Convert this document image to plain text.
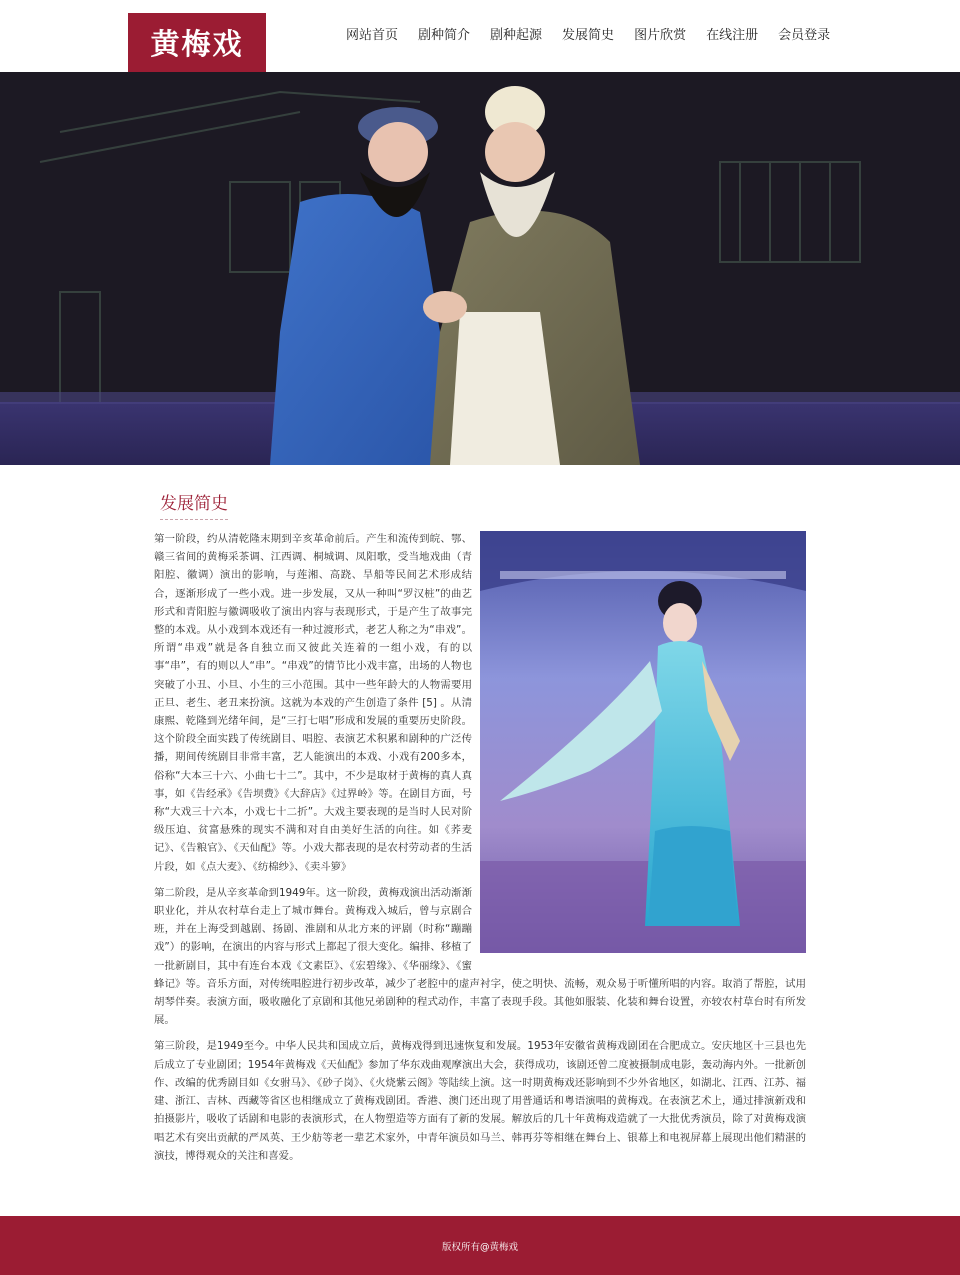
黄梅戏	网站首页 剧种简介 剧种起源 发展简史 图片欣赏 在线注册 会员登录
发展简史

第一阶段，约从清乾隆末期到辛亥革命前后。产生和流传到皖、鄂、赣三省间的黄梅采茶调、江西调、桐城调、凤阳歌，受当地戏曲（青阳腔、徽调）演出的影响，与莲湘、高跷、旱船等民间艺术形成结合，逐渐形成了一些小戏。进一步发展，又从一种叫“罗汉桩”的曲艺形式和青阳腔与徽调吸收了演出内容与表现形式，于是产生了故事完整的本戏。从小戏到本戏还有一种过渡形式，老艺人称之为“串戏”。所谓“串戏”就是各自独立而又彼此关连着的一组小戏，有的以事“串”，有的则以人“串”。“串戏”的情节比小戏丰富，出场的人物也突破了小丑、小旦、小生的三小范围。其中一些年龄大的人物需要用正旦、老生、老丑来扮演。这就为本戏的产生创造了条件 [5] 。从清康熙、乾隆到光绪年间，是“三打七唱”形成和发展的重要历史阶段。这个阶段全面实践了传统剧目、唱腔、表演艺术积累和剧种的广泛传播，期间传统剧目非常丰富，艺人能演出的本戏、小戏有200多本，俗称“大本三十六、小曲七十二”。其中，不少是取材于黄梅的真人真事，如《告经承》《告坝费》《大辞店》《过界岭》等。在剧目方面，号称“大戏三十六本，小戏七十二折”。大戏主要表现的是当时人民对阶级压迫、贫富悬殊的现实不满和对自由美好生活的向往。如《荞麦记》、《告粮官》、《天仙配》等。小戏大都表现的是农村劳动者的生活片段，如《点大麦》、《纺棉纱》、《卖斗箩》

第二阶段，是从辛亥革命到1949年。这一阶段，黄梅戏演出活动渐渐职业化，并从农村草台走上了城市舞台。黄梅戏入城后，曾与京剧合班，并在上海受到越剧、扬剧、淮剧和从北方来的评剧（时称“蹦蹦戏”）的影响，在演出的内容与形式上都起了很大变化。编排、移植了一批新剧目，其中有连台本戏《文素臣》、《宏碧缘》、《华丽缘》、《蜜蜂记》等。音乐方面，对传统唱腔进行初步改革，减少了老腔中的虚声衬字，使之明快、流畅，观众易于听懂所唱的内容。取消了帮腔，试用胡琴伴奏。表演方面，吸收融化了京剧和其他兄弟剧种的程式动作，丰富了表现手段。其他如服装、化装和舞台设置，亦较农村草台时有所发展。

第三阶段，是1949至今。中华人民共和国成立后，黄梅戏得到迅速恢复和发展。1953年安徽省黄梅戏剧团在合肥成立。安庆地区十三县也先后成立了专业剧团；1954年黄梅戏《天仙配》参加了华东戏曲观摩演出大会，获得成功，该剧还曾二度被摄制成电影，轰动海内外。一批新创作、改编的优秀剧目如《女驸马》、《砂子岗》、《火烧紫云阁》等陆续上演。这一时期黄梅戏还影响到不少外省地区，如湖北、江西、江苏、福建、浙江、吉林、西藏等省区也相继成立了黄梅戏剧团。香港、澳门还出现了用普通话和粤语演唱的黄梅戏。在表演艺术上，通过排演新戏和拍摄影片，吸收了话剧和电影的表演形式，在人物塑造等方面有了新的发展。解放后的几十年黄梅戏造就了一大批优秀演员，除了对黄梅戏演唱艺术有突出贡献的严凤英、王少舫等老一辈艺术家外，中青年演员如马兰、韩再芬等相继在舞台上、银幕上和电视屏幕上展现出他们精湛的演技，博得观众的关注和喜爱。

版权所有@黄梅戏
